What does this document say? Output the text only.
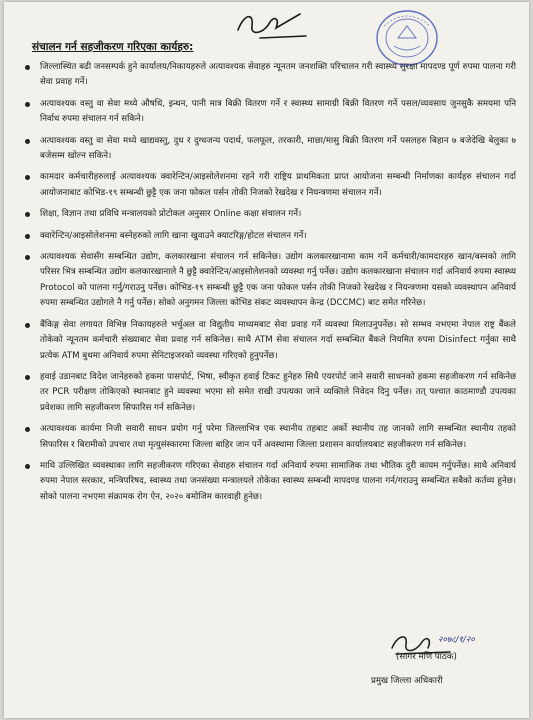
संचालन गर्न सहजीकरण गरिएका कार्यहरु:
जिल्लास्थित बढी जनसम्पर्क हुने कार्यालय/निकायहरुले अत्यावश्यक सेवाहरु न्यूनतम जनशक्ति परिचालन गरी स्वास्थ्य सुरक्षा मापदण्ड पूर्ण रुपमा पालना गरी सेवा प्रवाह गर्ने।
अत्यावश्यक वस्तु वा सेवा मध्ये औषधि, इन्धन, पानी मात्र बिक्री वितरण गर्ने र स्वास्थ्य सामाग्री बिक्री वितरण गर्ने पसल/व्यवसाय जुनसुकै समयमा पनि निर्वाध रुपमा संचालन गर्न सकिने।
अत्यावश्यक वस्तु वा सेवा मध्ये खाद्यवस्तु, दुध र दुग्धजन्य पदार्थ, फलफूल, तरकारी, माछा/मासु बिक्री वितरण गर्ने पसलहरु बिहान ७ बजेदेखि बेलुका ७ बजेसम्म खोल्न सकिने।
कामदार कर्मचारीहरुलाई अत्यावश्यक क्वारेन्टिन/आइसोलेशनमा रहने गरी राष्ट्रिय प्राथमिकता प्राप्त आयोजना सम्बन्धी निर्माणका कार्यहरु संचालन गर्दा आयोजनाबाट कोभिड-१९ सम्बन्धी छुट्टै एक जना फोकल पर्सन तोकी निजको रेखदेख र नियन्त्रणमा संचालन गर्ने।
शिक्षा, विज्ञान तथा प्रविधि मन्त्रालयको प्रोटोकल अनुसार Online कक्षा संचालन गर्ने।
क्वारेन्टिन/आइसोलेशनमा बस्नेहरुको लागि खाना खुवाउने क्याटरिङ्ग/होटल संचालन गर्ने।
अत्यावश्यक सेवासँग सम्बन्धित उद्योग, कलकारखाना संचालन गर्न सकिनेछ। उद्योग कलकारखानामा काम गर्ने कर्मचारी/कामदारहरु खान/बस्नको लागि परिसर भित्र सम्बन्धित उद्योग कलकारखानाले नै छुट्टै क्वारेन्टिन/आइसोलेशनको व्यवस्था गर्नु पर्नेछ। उद्योग कलकारखाना संचालन गर्दा अनिवार्य रुपमा स्वास्थ्य Protocol को पालना गर्नु/गराउनु पर्नेछ। कोभिड-१९ सम्बन्धी छुट्टै एक जना फोकल पर्सन तोकी निजको रेखदेख र नियन्त्रणमा यसको व्यवस्थापन अनिवार्य रुपमा सम्बन्धित उद्योगले नै गर्नु पर्नेछ। सोको अनुगमन जिल्ला कोभिड संकट व्यवस्थापन केन्द्र (DCCMC) बाट समेत गरिनेछ।
बैंकिङ्ग सेवा लगायत विभिन्न निकायहरुले भर्चुअल वा विद्युतीय माध्यमबाट सेवा प्रवाह गर्ने व्यवस्था मिलाउनुपर्नेछ। सो सम्भव नभएमा नेपाल राष्ट्र बैंकले तोकेको न्यूनतम कर्मचारी संख्याबाट सेवा प्रवाह गर्न सकिनेछ। साथै ATM सेवा संचालन गर्दा सम्बन्धित बैंकले नियमित रुपमा Disinfect गर्नुका साथै प्रत्येक ATM बुथमा अनिवार्य रुपमा सेनिटाइजरको व्यवस्था गरिएको हुनुपर्नेछ।
हवाई उडानबाट विदेश जानेहरुको हकमा पासपोर्ट, भिषा, स्वीकृत हवाई टिकट हुनेहरु सिधै एयरपोर्ट जाने सवारी साधनको हकमा सहजीकरण गर्न सकिनेछ तर PCR परीक्षण तोकिएको स्थानबाट हुने व्यवस्था भएमा सो समेत राखी उपत्यका जाने व्यक्तिले निवेदन दिनु पर्नेछ। तत् पश्चात काठमाण्डौ उपत्यका प्रवेशका लागि सहजीकरण सिफारिस गर्न सकिनेछ।
अत्यावश्यक कार्यमा निजी सवारी साधन प्रयोग गर्नु परेमा जिल्लाभित्र एक स्थानीय तहबाट अर्को स्थानीय तह जानको लागि सम्बन्धित स्थानीय तहको सिफारिस र बिरामीको उपचार तथा मृत्युसंस्कारमा जिल्ला बाहिर जान पर्ने अवस्थामा जिल्ला प्रशासन कार्यालयबाट सहजीकरण गर्न सकिनेछ।
माथि उल्लिखित व्यवस्थाका लागि सहजीकरण गरिएका सेवाहरु संचालन गर्दा अनिवार्य रुपमा सामाजिक तथा भौतिक दुरी कायम गर्नुपर्नेछ। साथै अनिवार्य रुपमा नेपाल सरकार, मन्त्रिपरिषद, स्वास्थ्य तथा जनसंख्या मन्त्रालयले तोकेका स्वास्थ्य सम्बन्धी मापदण्ड पालना गर्न/गराउनु सम्बन्धित सबैको कर्तव्य हुनेछ। सोको पालना नभएमा संक्रामक रोग ऐन, २०२० बमोजिम कारवाही हुनेछ।
२०७८/१/२०
(सागर मणि पाठक)
प्रमुख जिल्ला अधिकारी
